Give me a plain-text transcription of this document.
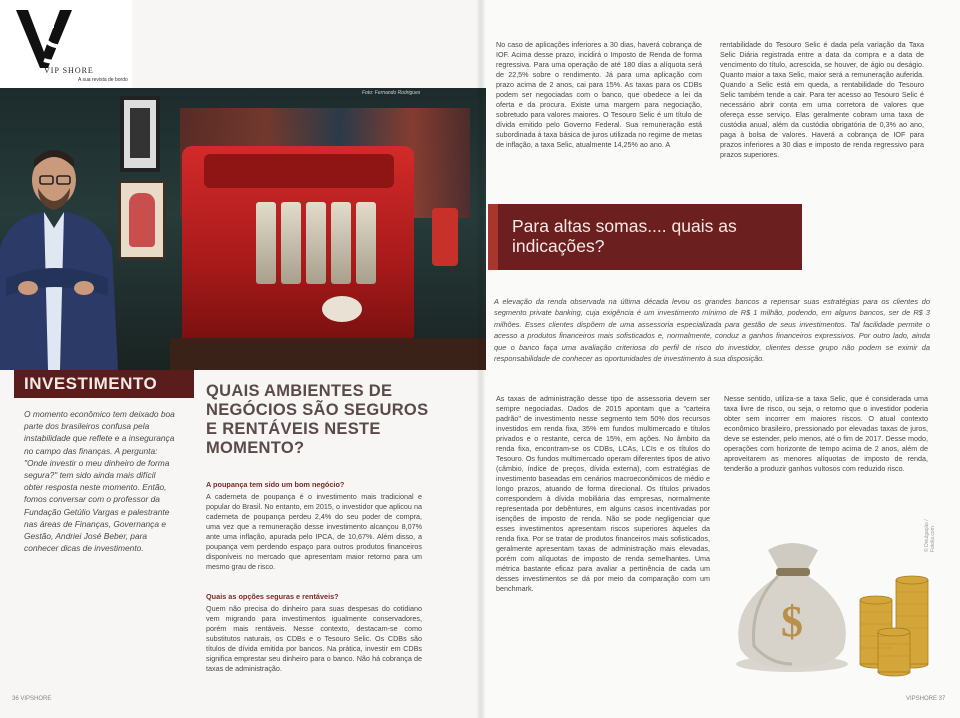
Foto: Fernando Rodrigues
VIP SHORE
A sua revista de bordo
INVESTIMENTO

O momento econômico tem deixado boa parte dos brasileiros confusa pela instabilidade que reflete e a insegurança no campo das finanças. A pergunta: "Onde investir o meu dinheiro de forma segura?" tem sido ainda mais difícil obter resposta neste momento. Então, fomos conversar com o professor da Fundação Getúlio Vargas e palestrante nas áreas de Finanças, Governança e Gestão, Andriei José Beber, para conhecer dicas de investimento.

QUAIS AMBIENTES DE NEGÓCIOS SÃO SEGUROS E RENTÁVEIS NESTE MOMENTO?
A poupança tem sido um bom negócio?

A caderneta de poupança é o investimento mais tradicional e popular do Brasil. No entanto, em 2015, o investidor que aplicou na caderneta de poupança perdeu 2,4% do seu poder de compra, uma vez que a remuneração desse investimento alcançou 8,07% ante uma inflação, apurada pelo IPCA, de 10,67%. Além disso, a poupança vem perdendo espaço para outros produtos financeiros disponíveis no mercado que apresentam maior retorno para um mesmo grau de risco.

Quais as opções seguras e rentáveis?

Quem não precisa do dinheiro para suas despesas do cotidiano vem migrando para investimentos igualmente conservadores, porém mais rentáveis. Nesse contexto, destacam-se como substitutos naturais, os CDBs e o Tesouro Selic. Os CDBs são títulos de dívida emitida por bancos. Na prática, investir em CDBs significa emprestar seu dinheiro para o banco. Não há cobrança de taxas de administração.

No caso de aplicações inferiores a 30 dias, haverá cobrança de IOF. Acima desse prazo, incidirá o Imposto de Renda de forma regressiva. Para uma operação de até 180 dias a alíquota será de 22,5% sobre o rendimento. Já para uma aplicação com prazo acima de 2 anos, cai para 15%. As taxas para os CDBs podem ser negociadas com o banco, que obedece a lei da oferta e da procura. Existe uma margem para negociação, sobretudo para valores maiores. O Tesouro Selic é um título de dívida emitido pelo Governo Federal. Sua remuneração está subordinada à taxa básica de juros utilizada no regime de metas de inflação, a taxa Selic, atualmente 14,25% ao ano. A

rentabilidade do Tesouro Selic é dada pela variação da Taxa Selic Diária registrada entre a data da compra e a data de vencimento do título, acrescida, se houver, de ágio ou deságio. Quanto maior a taxa Selic, maior será a remuneração auferida. Quando a Selic está em queda, a rentabilidade do Tesouro Selic também tende a cair. Para ter acesso ao Tesouro Selic é necessário abrir conta em uma corretora de valores que ofereça esse serviço. Elas geralmente cobram uma taxa de custódia anual, além da custódia obrigatória de 0,3% ao ano, paga à bolsa de valores. Haverá a cobrança de IOF para prazos inferiores a 30 dias e imposto de renda regressivo para prazos superiores.

Para altas somas.... quais as indicações?

A elevação da renda observada na última década levou os grandes bancos a repensar suas estratégias para os clientes do segmento private banking, cuja exigência é um investimento mínimo de R$ 1 milhão, podendo, em alguns bancos, ser de R$ 3 milhões. Esses clientes dispõem de uma assessoria especializada para gestão de seus investimentos. Tal facilidade permite o acesso a produtos financeiros mais sofisticados e, normalmente, conduz a ganhos financeiros expressivos. Por outro lado, ainda que o banco faça uma avaliação criteriosa do perfil de risco do investidor, clientes desse grupo não podem se eximir da responsabilidade de conhecer as oportunidades de investimento à sua disposição.

As taxas de administração desse tipo de assessoria devem ser sempre negociadas. Dados de 2015 apontam que a "carteira padrão" de investimento nesse segmento tem 50% dos recursos investidos em renda fixa, 35% em fundos multimercado e títulos privados e o restante, cerca de 15%, em ações. No âmbito da renda fixa, encontram-se os CDBs, LCAs, LCIs e os títulos do Tesouro. Os fundos multimercado operam diferentes tipos de ativo (câmbio, índice de preços, dívida externa), com estratégias de investimento baseadas em cenários macroeconômicos de médio e longo prazos, atuando de forma direcional. Os títulos privados correspondem à dívida mobiliária das empresas, normalmente representada por debêntures, em alguns casos incentivadas por isenções de imposto de renda. Não se pode negligenciar que esses investimentos apresentam riscos superiores àqueles da renda fixa. Por se tratar de produtos financeiros mais sofisticados, geralmente apresentam taxas de administração mais elevadas, porém com alíquotas de imposto de renda semelhantes. Uma métrica bastante eficaz para avaliar a pertinência de cada um desses investimentos se dá por meio da comparação com um benchmark.

Nesse sentido, utiliza-se a taxa Selic, que é considerada uma taxa livre de risco, ou seja, o retorno que o investidor poderia obter sem incorrer em maiores riscos. O atual contexto econômico brasileiro, pressionado por elevadas taxas de juros, deve se estender, pelo menos, até o fim de 2017. Desse modo, operações com horizonte de tempo acima de 2 anos, além de aproveitarem as menores alíquotas de imposto de renda, tenderão a produzir ganhos vultosos com reduzido risco.

$
© Divulgação / Fotolia.com
36 VIPSHORE	VIPSHORE 37
